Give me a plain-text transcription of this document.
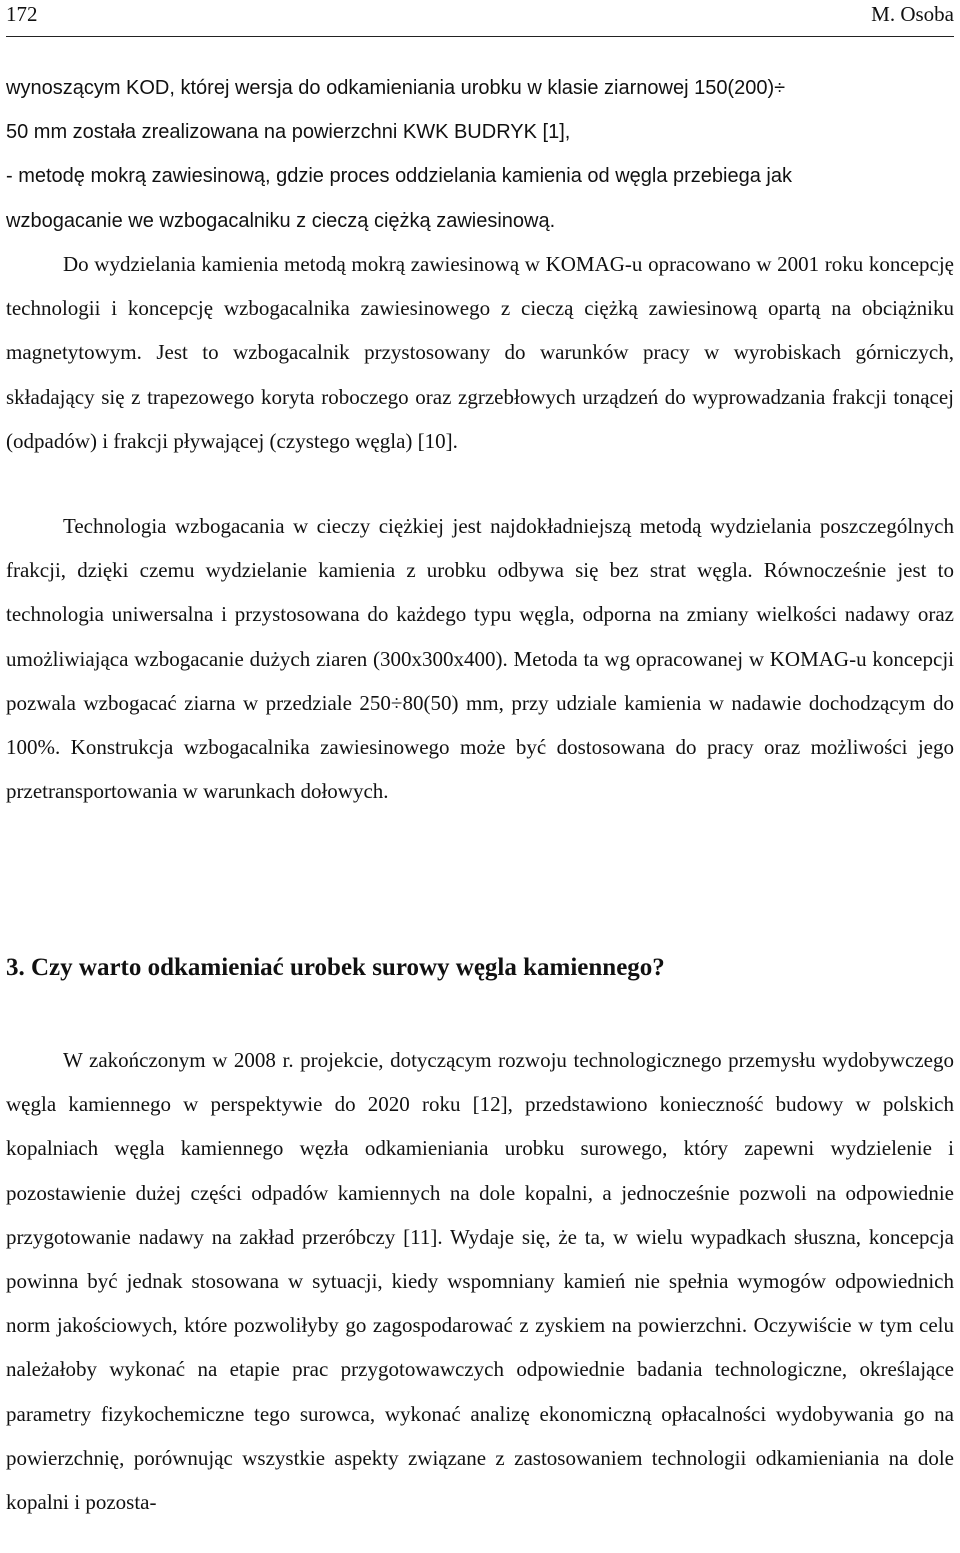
172	M. Osoba
wynoszącym KOD, której wersja do odkamieniania urobku w klasie ziarnowej 150(200)÷
50 mm została zrealizowana na powierzchni KWK BUDRYK [1],
- metodę mokrą zawiesinową, gdzie proces oddzielania kamienia od węgla przebiega jak
wzbogacanie we wzbogacalniku z cieczą ciężką zawiesinową.

Do wydzielania kamienia metodą mokrą zawiesinową w KOMAG-u opracowano w 2001 roku koncepcję technologii i koncepcję wzbogacalnika zawiesinowego z cieczą ciężką zawiesinową opartą na obciążniku magnetytowym. Jest to wzbogacalnik przystosowany do warunków pracy w wyrobiskach górniczych, składający się z trapezowego koryta roboczego oraz zgrzebłowych urządzeń do wyprowadzania frakcji tonącej (odpadów) i frakcji pływającej (czystego węgla) [10].

Technologia wzbogacania w cieczy ciężkiej jest najdokładniejszą metodą wydzielania poszczególnych frakcji, dzięki czemu wydzielanie kamienia z urobku odbywa się bez strat węgla. Równocześnie jest to technologia uniwersalna i przystosowana do każdego typu węgla, odporna na zmiany wielkości nadawy oraz umożliwiająca wzbogacanie dużych ziaren (300x300x400). Metoda ta wg opracowanej w KOMAG-u koncepcji pozwala wzbogacać ziarna w przedziale 250÷80(50) mm, przy udziale kamienia w nadawie dochodzącym do 100%. Konstrukcja wzbogacalnika zawiesinowego może być dostosowana do pracy oraz możliwości jego przetransportowania w warunkach dołowych.

3. Czy warto odkamieniać urobek surowy węgla kamiennego?

W zakończonym w 2008 r. projekcie, dotyczącym rozwoju technologicznego przemysłu wydobywczego węgla kamiennego w perspektywie do 2020 roku [12], przedstawiono konieczność budowy w polskich kopalniach węgla kamiennego węzła odkamieniania urobku surowego, który zapewni wydzielenie i pozostawienie dużej części odpadów kamiennych na dole kopalni, a jednocześnie pozwoli na odpowiednie przygotowanie nadawy na zakład przeróbczy [11]. Wydaje się, że ta, w wielu wypadkach słuszna, koncepcja powinna być jednak stosowana w sytuacji, kiedy wspomniany kamień nie spełnia wymogów odpowiednich norm jakościowych, które pozwoliłyby go zagospodarować z zyskiem na powierzchni. Oczywiście w tym celu należałoby wykonać na etapie prac przygotowawczych odpowiednie badania technologiczne, określające parametry fizykochemiczne tego surowca, wykonać analizę ekonomiczną opłacalności wydobywania go na powierzchnię, porównując wszystkie aspekty związane z zastosowaniem technologii odkamieniania na dole kopalni i pozosta-
